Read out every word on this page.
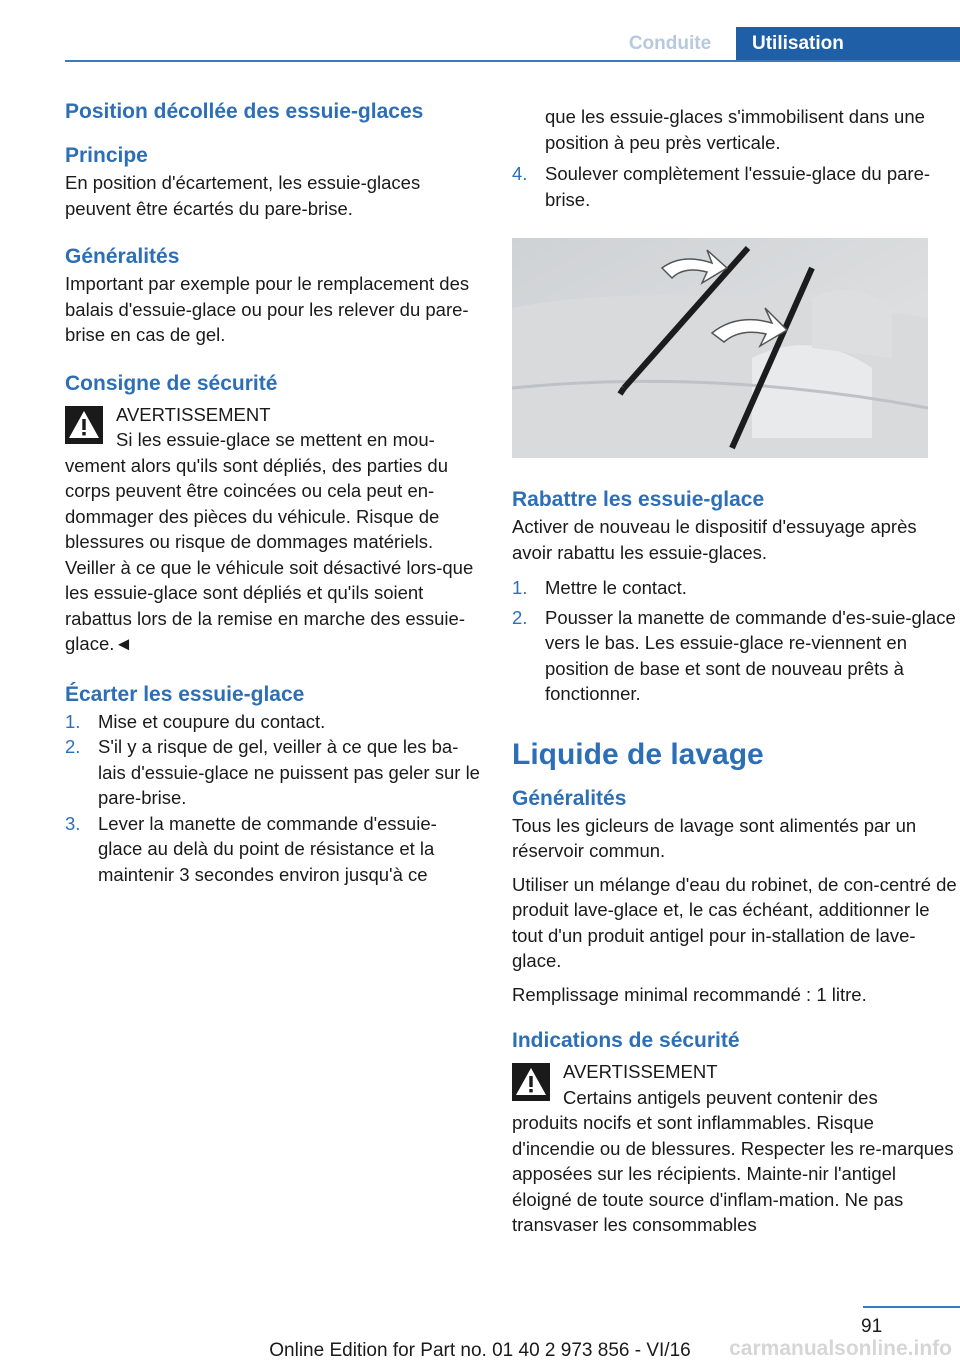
Conduite	Utilisation
Position décollée des essuie-glaces
Principe

En position d'écartement, les essuie-glaces peuvent être écartés du pare-brise.

Généralités

Important par exemple pour le remplacement des balais d'essuie-glace ou pour les relever du pare-brise en cas de gel.

Consigne de sécurité
AVERTISSEMENT

Si les essuie-glace se mettent en mou-

vement alors qu'ils sont dépliés, des parties du corps peuvent être coincées ou cela peut en-dommager des pièces du véhicule. Risque de blessures ou risque de dommages matériels. Veiller à ce que le véhicule soit désactivé lors-que les essuie-glace sont dépliés et qu'ils soient rabattus lors de la remise en marche des essuie-glace.◄

Écarter les essuie-glace
1. Mise et coupure du contact.
2. S'il y a risque de gel, veiller à ce que les ba-lais d'essuie-glace ne puissent pas geler sur le pare-brise.
3. Lever la manette de commande d'essuie-glace au delà du point de résistance et la maintenir 3 secondes environ jusqu'à ce
que les essuie-glaces s'immobilisent dans une position à peu près verticale.
4. Soulever complètement l'essuie-glace du pare-brise.
Rabattre les essuie-glace

Activer de nouveau le dispositif d'essuyage après avoir rabattu les essuie-glaces.

1. Mettre le contact.
2. Pousser la manette de commande d'es-suie-glace vers le bas. Les essuie-glace re-viennent en position de base et sont de nouveau prêts à fonctionner.
Liquide de lavage
Généralités

Tous les gicleurs de lavage sont alimentés par un réservoir commun.

Utiliser un mélange d'eau du robinet, de con-centré de produit lave-glace et, le cas échéant, additionner le tout d'un produit antigel pour in-stallation de lave-glace.

Remplissage minimal recommandé : 1 litre.

Indications de sécurité
AVERTISSEMENT

Certains antigels peuvent contenir des

produits nocifs et sont inflammables. Risque d'incendie ou de blessures. Respecter les re-marques apposées sur les récipients. Mainte-nir l'antigel éloigné de toute source d'inflam-mation. Ne pas transvaser les consommables

91
Online Edition for Part no. 01 40 2 973 856 - VI/16	carmanualsonline.info
